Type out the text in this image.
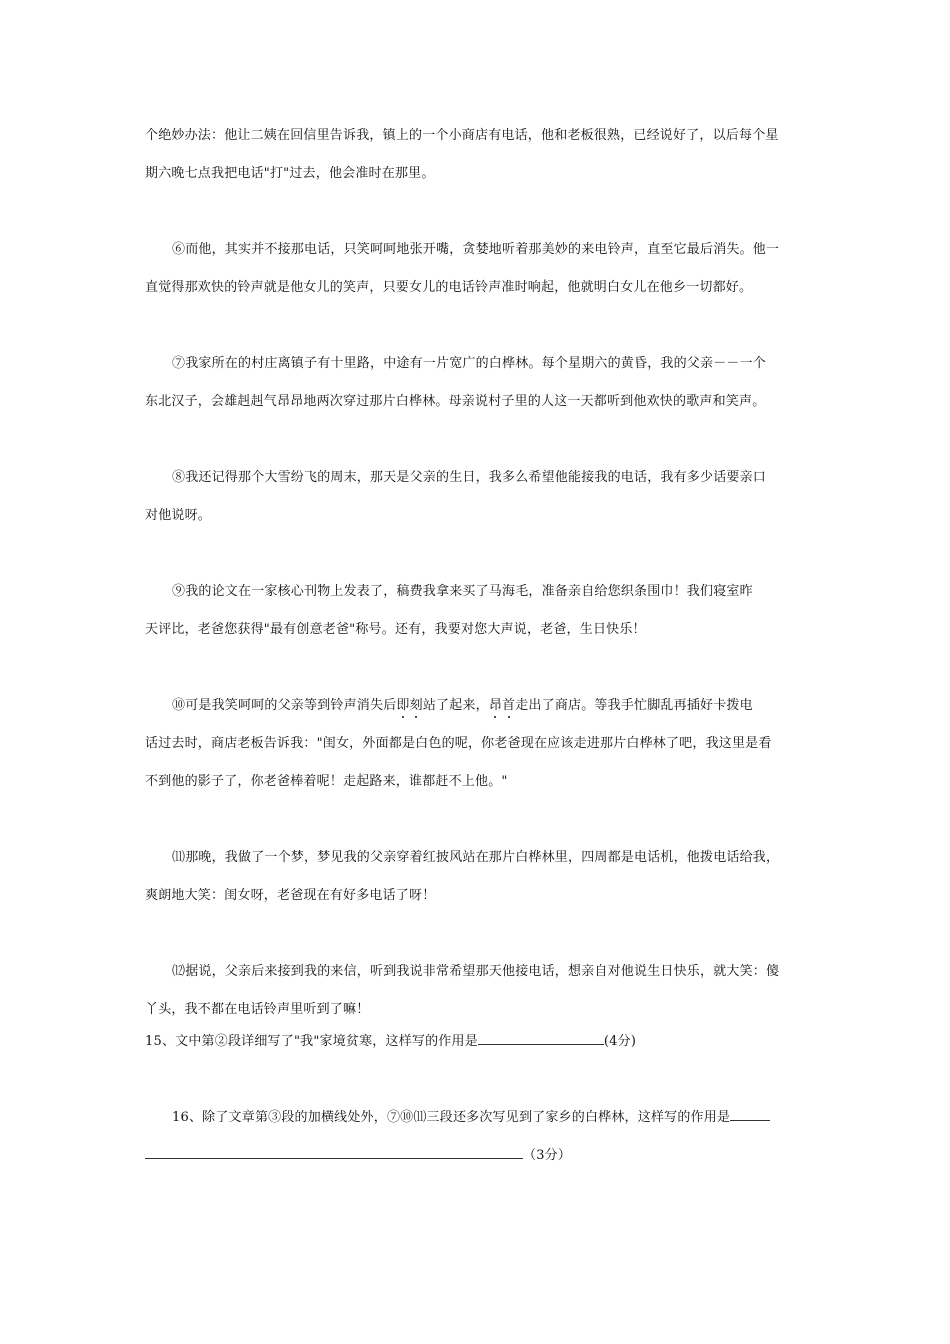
个绝妙办法：他让二姨在回信里告诉我，镇上的一个小商店有电话，他和老板很熟，已经说好了，以后每个星
期六晚七点我把电话"打"过去，他会准时在那里。
⑥而他，其实并不接那电话，只笑呵呵地张开嘴，贪婪地听着那美妙的来电铃声，直至它最后消失。他一
直觉得那欢快的铃声就是他女儿的笑声，只要女儿的电话铃声准时响起，他就明白女儿在他乡一切都好。
⑦我家所在的村庄离镇子有十里路，中途有一片宽广的白桦林。每个星期六的黄昏，我的父亲－－一个
东北汉子，会雄赳赳气昂昂地两次穿过那片白桦林。母亲说村子里的人这一天都听到他欢快的歌声和笑声。
⑧我还记得那个大雪纷飞的周末，那天是父亲的生日，我多么希望他能接我的电话，我有多少话要亲口
对他说呀。
⑨我的论文在一家核心刊物上发表了，稿费我拿来买了马海毛，准备亲自给您织条围巾！我们寝室昨
天评比，老爸您获得"最有创意老爸"称号。还有，我要对您大声说，老爸，生日快乐！
⑩可是我笑呵呵的父亲等到铃声消失后即刻站了起来，昂首走出了商店。等我手忙脚乱再插好卡拨电
话过去时，商店老板告诉我："闺女，外面都是白色的呢，你老爸现在应该走进那片白桦林了吧，我这里是看
不到他的影子了，你老爸棒着呢！走起路来，谁都赶不上他。"
⑾那晚，我做了一个梦，梦见我的父亲穿着红披风站在那片白桦林里，四周都是电话机，他拨电话给我，
爽朗地大笑：闺女呀，老爸现在有好多电话了呀！
⑿据说，父亲后来接到我的来信，听到我说非常希望那天他接电话，想亲自对他说生日快乐，就大笑：傻
丫头，我不都在电话铃声里听到了嘛！
15、文中第②段详细写了"我"家境贫寒，这样写的作用是	(4分)
16、除了文章第③段的加横线处外，⑦⑩⑾三段还多次写见到了家乡的白桦林，这样写的作用是
（3分）
